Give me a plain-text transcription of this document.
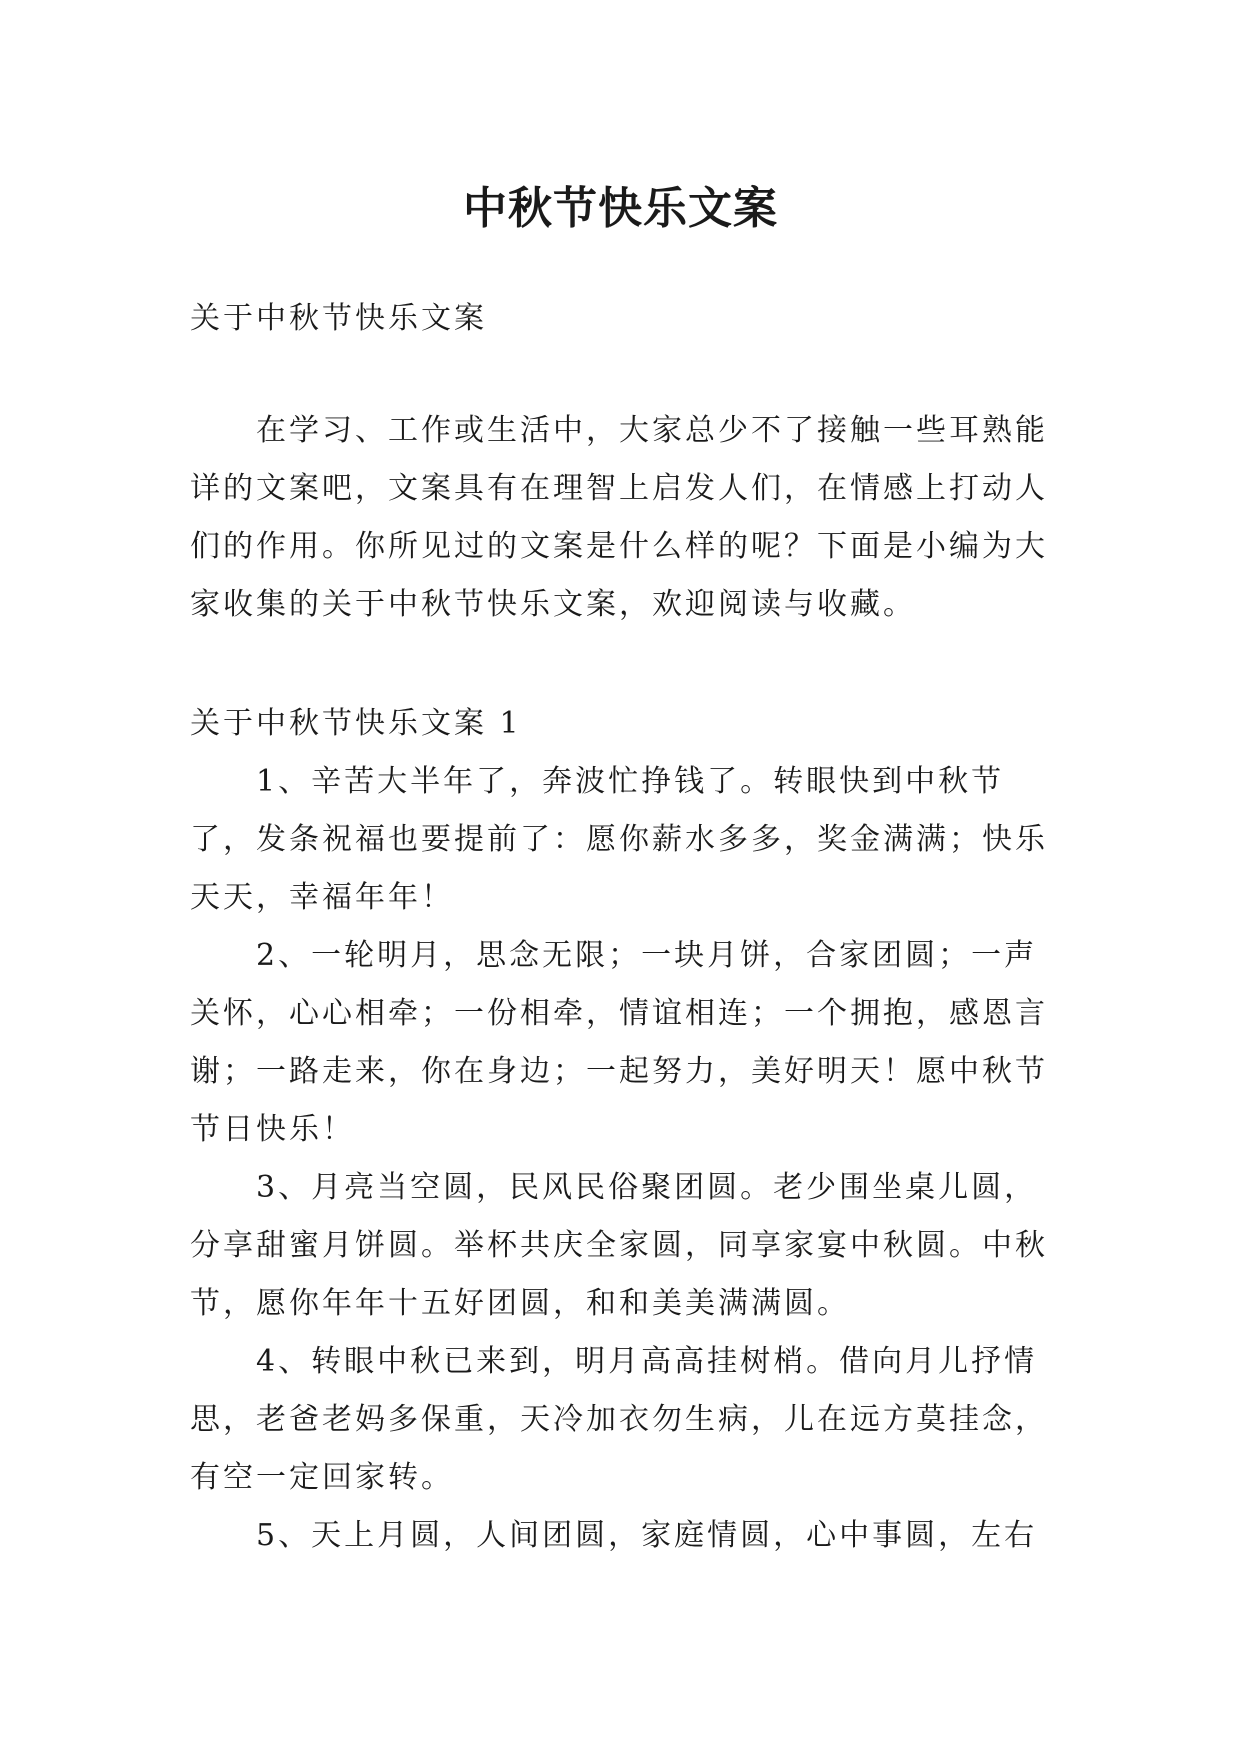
中秋节快乐文案

关于中秋节快乐文案

在学习、工作或生活中，大家总少不了接触一些耳熟能详的文案吧，文案具有在理智上启发人们，在情感上打动人们的作用。你所见过的文案是什么样的呢？下面是小编为大家收集的关于中秋节快乐文案，欢迎阅读与收藏。

关于中秋节快乐文案 1

1、辛苦大半年了，奔波忙挣钱了。转眼快到中秋节了，发条祝福也要提前了：愿你薪水多多，奖金满满；快乐天天，幸福年年！

2、一轮明月，思念无限；一块月饼，合家团圆；一声关怀，心心相牵；一份相牵，情谊相连；一个拥抱，感恩言谢；一路走来，你在身边；一起努力，美好明天！愿中秋节节日快乐！

3、月亮当空圆，民风民俗聚团圆。老少围坐桌儿圆，分享甜蜜月饼圆。举杯共庆全家圆，同享家宴中秋圆。中秋节，愿你年年十五好团圆，和和美美满满圆。

4、转眼中秋已来到，明月高高挂树梢。借向月儿抒情思，老爸老妈多保重，天冷加衣勿生病，儿在远方莫挂念，有空一定回家转。

5、天上月圆，人间团圆，家庭情圆，心中事圆，左右
